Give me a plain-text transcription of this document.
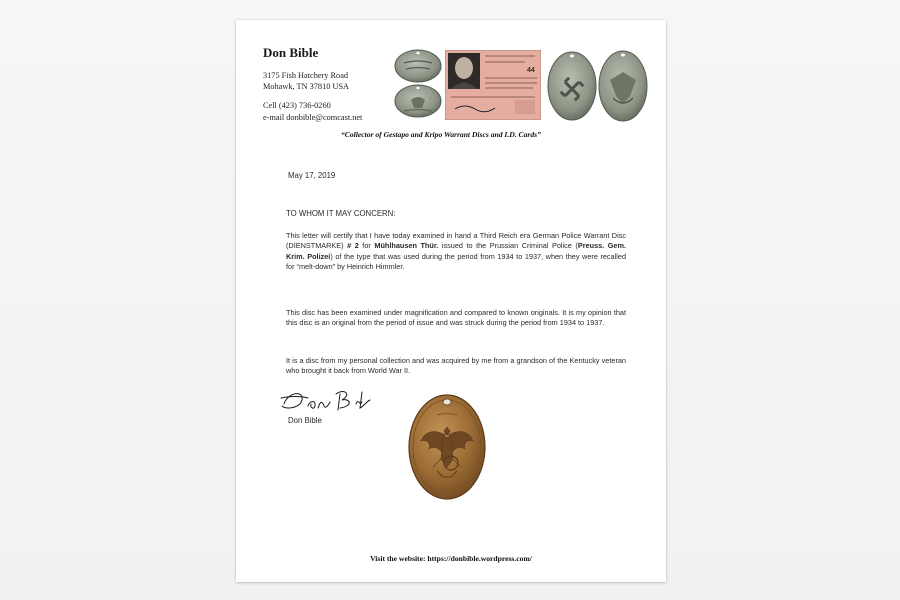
Don Bible
3175 Fish Hatchery Road
Mohawk, TN 37810 USA
Cell (423) 736-0260
e-mail donbible@comcast.net
44
“Collector of Gestapo and Kripo Warrant Discs and I.D. Cards”
May 17, 2019
TO WHOM IT MAY CONCERN:
This letter will certify that I have today examined in hand a Third Reich era German Police Warrant Disc (DIENSTMARKE) # 2 for Mühlhausen Thür. issued to the Prussian Criminal Police (Preuss. Gem. Krim. Polizei) of the type that was used during the period from 1934 to 1937, when they were recalled for “melt-down” by Heinrich Himmler.
This disc has been examined under magnification and compared to known originals. It is my opinion that this disc is an original from the period of issue and was struck during the period from 1934 to 1937.
It is a disc from my personal collection and was acquired by me from a grandson of the Kentucky veteran who brought it back from World War II.
Don Bible
Visit the website: https://donbible.wordpress.com/
